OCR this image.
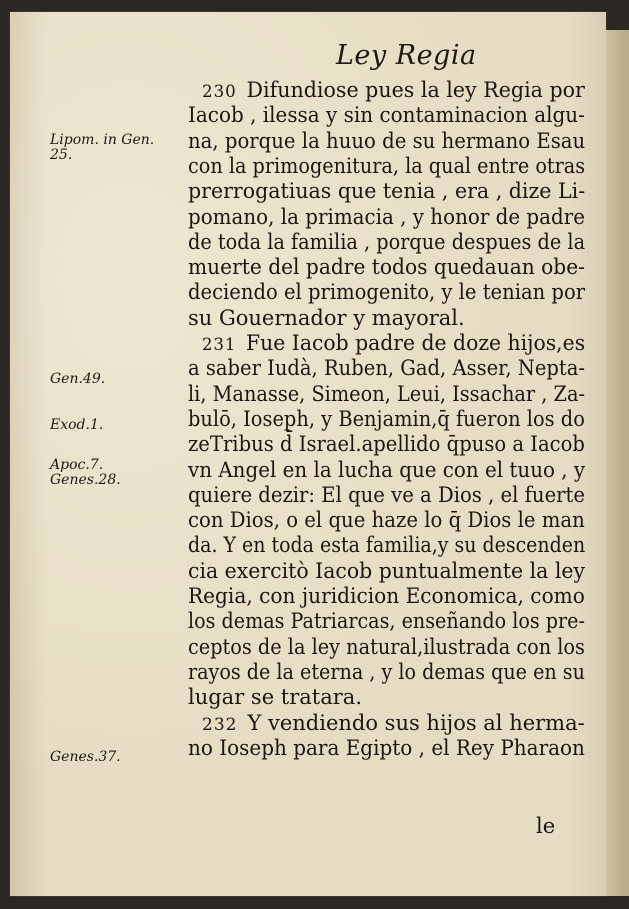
Ley Regia
Lipom. in Gen.
25.
Gen.49.
Exod.1.
Apoc.7.
Genes.28.
Genes.37.
230 Difundiose pues la ley Regia por
Iacob , ilessa y sin contaminacion algu-
na, porque la huuo de su hermano Esau
con la primogenitura, la qual entre otras
prerrogatiuas que tenia , era , dize Li-
pomano, la primacia , y honor de padre
de toda la familia , porque despues de la
muerte del padre todos quedauan obe-
deciendo el primogenito, y le tenian por
su Gouernador y mayoral.
231 Fue Iacob padre de doze hijos,es
a saber Iudà, Ruben, Gad, Asser, Nepta-
li, Manasse, Simeon, Leui, Issachar , Za-
bulō, Ioseph, y Benjamin,q̄ fueron los do
zeTribus d̄ Israel.apellido q̄puso a Iacob
vn Angel en la lucha que con el tuuo , y
quiere dezir: El que ve a Dios , el fuerte
con Dios, o el que haze lo q̄ Dios le man
da. Y en toda esta familia,y su descenden
cia exercitò Iacob puntualmente la ley
Regia, con juridicion Economica, como
los demas Patriarcas, enseñando los pre-
ceptos de la ley natural,ilustrada con los
rayos de la eterna , y lo demas que en su
lugar se tratara.
232 Y vendiendo sus hijos al herma-
no Ioseph para Egipto , el Rey Pharaon
le
